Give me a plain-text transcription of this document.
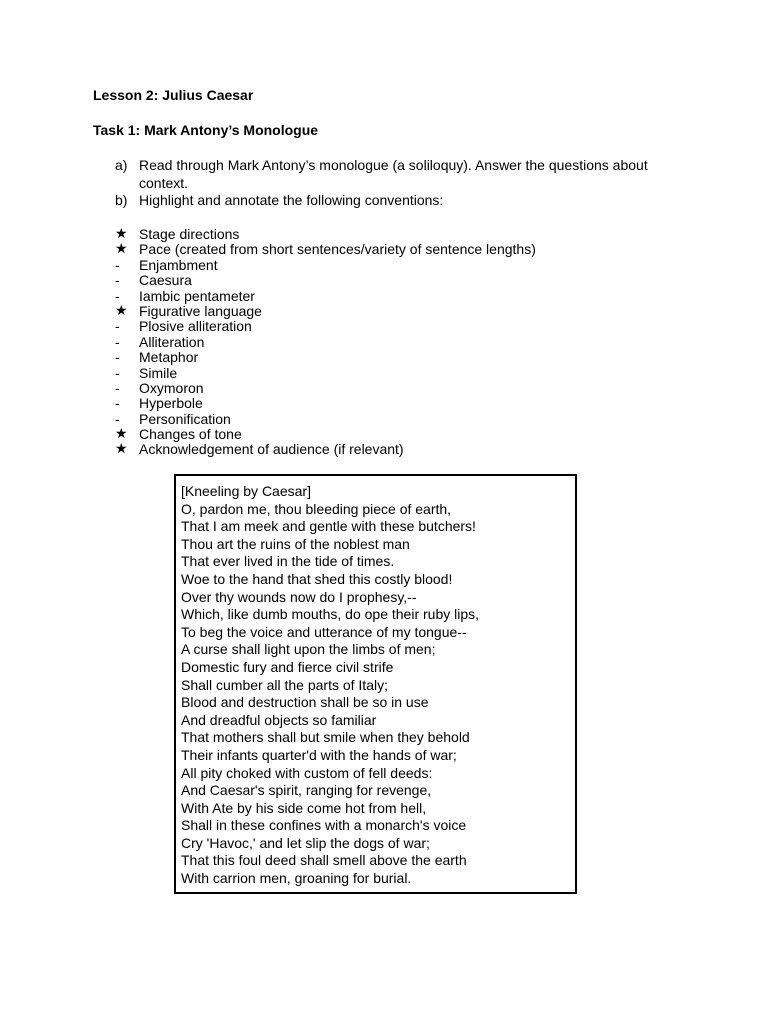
Lesson 2: Julius Caesar
Task 1: Mark Antony’s Monologue
a) Read through Mark Antony’s monologue (a soliloquy). Answer the questions about context.
b) Highlight and annotate the following conventions:
★ Stage directions
★ Pace (created from short sentences/variety of sentence lengths)
-	Enjambment
-	Caesura
-	Iambic pentameter
★ Figurative language
-	Plosive alliteration
-	Alliteration
-	Metaphor
-	Simile
-	Oxymoron
-	Hyperbole
-	Personification
★ Changes of tone
★ Acknowledgement of audience (if relevant)
[Kneeling by Caesar]
O, pardon me, thou bleeding piece of earth,
That I am meek and gentle with these butchers!
Thou art the ruins of the noblest man
That ever lived in the tide of times.
Woe to the hand that shed this costly blood!
Over thy wounds now do I prophesy,--
Which, like dumb mouths, do ope their ruby lips,
To beg the voice and utterance of my tongue--
A curse shall light upon the limbs of men;
Domestic fury and fierce civil strife
Shall cumber all the parts of Italy;
Blood and destruction shall be so in use
And dreadful objects so familiar
That mothers shall but smile when they behold
Their infants quarter'd with the hands of war;
All pity choked with custom of fell deeds:
And Caesar's spirit, ranging for revenge,
With Ate by his side come hot from hell,
Shall in these confines with a monarch's voice
Cry 'Havoc,' and let slip the dogs of war;
That this foul deed shall smell above the earth
With carrion men, groaning for burial.
